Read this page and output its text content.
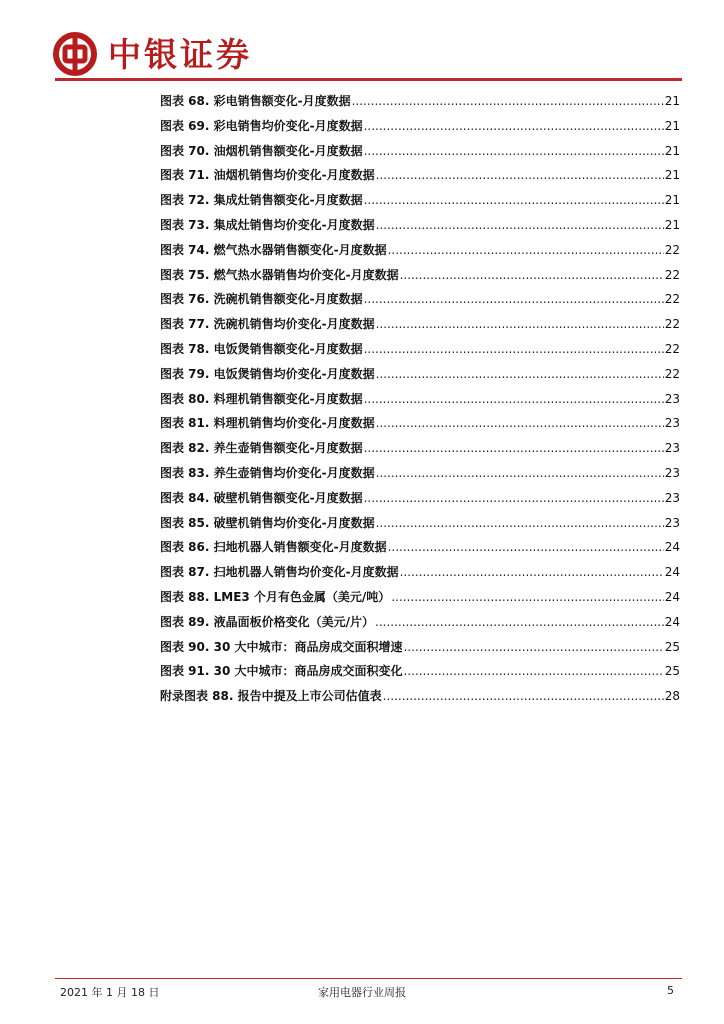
中银证券
图表 68. 彩电销售额变化-月度数据 .....	21
图表 69. 彩电销售均价变化-月度数据 .....	21
图表 70. 油烟机销售额变化-月度数据 .....	21
图表 71. 油烟机销售均价变化-月度数据 .....	21
图表 72. 集成灶销售额变化-月度数据 .....	21
图表 73. 集成灶销售均价变化-月度数据 .....	21
图表 74. 燃气热水器销售额变化-月度数据 .....	22
图表 75. 燃气热水器销售均价变化-月度数据 .....	22
图表 76. 洗碗机销售额变化-月度数据 .....	22
图表 77. 洗碗机销售均价变化-月度数据 .....	22
图表 78. 电饭煲销售额变化-月度数据 .....	22
图表 79. 电饭煲销售均价变化-月度数据 .....	22
图表 80. 料理机销售额变化-月度数据 .....	23
图表 81. 料理机销售均价变化-月度数据 .....	23
图表 82. 养生壶销售额变化-月度数据 .....	23
图表 83. 养生壶销售均价变化-月度数据 .....	23
图表 84. 破壁机销售额变化-月度数据 .....	23
图表 85. 破壁机销售均价变化-月度数据 .....	23
图表 86. 扫地机器人销售额变化-月度数据 .....	24
图表 87. 扫地机器人销售均价变化-月度数据 .....	24
图表 88. LME3 个月有色金属（美元/吨） .....	24
图表 89. 液晶面板价格变化（美元/片） .....	24
图表 90. 30 大中城市：商品房成交面积增速 .....	25
图表 91. 30 大中城市：商品房成交面积变化 .....	25
附录图表 88. 报告中提及上市公司估值表 .....	28
2021 年 1 月 18 日	家用电器行业周报	5
